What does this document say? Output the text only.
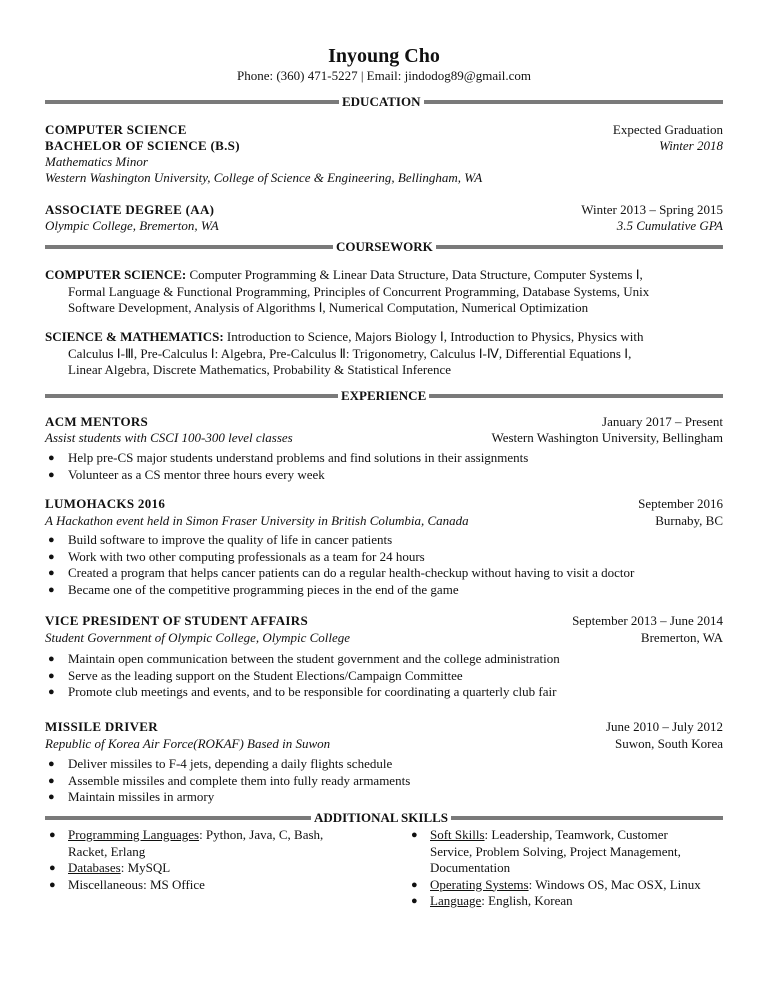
Inyoung Cho
Phone: (360) 471-5227 | Email: jindodog89@gmail.com
EDUCATION
COMPUTER SCIENCE	Expected Graduation
BACHELOR OF SCIENCE (B.S)	Winter 2018
Mathematics Minor
Western Washington University, College of Science & Engineering, Bellingham, WA
ASSOCIATE DEGREE (AA)	Winter 2013 – Spring 2015
Olympic College, Bremerton, WA	3.5 Cumulative GPA
COURSEWORK
COMPUTER SCIENCE: Computer Programming & Linear Data Structure, Data Structure, Computer Systems Ⅰ,
Formal Language & Functional Programming, Principles of Concurrent Programming, Database Systems, Unix
Software Development, Analysis of Algorithms Ⅰ, Numerical Computation, Numerical Optimization
SCIENCE & MATHEMATICS: Introduction to Science, Majors Biology Ⅰ, Introduction to Physics, Physics with
Calculus Ⅰ-Ⅲ, Pre-Calculus Ⅰ: Algebra, Pre-Calculus Ⅱ: Trigonometry, Calculus Ⅰ-Ⅳ, Differential Equations Ⅰ,
Linear Algebra, Discrete Mathematics, Probability & Statistical Inference
EXPERIENCE
ACM MENTORS	January 2017 – Present
Assist students with CSCI 100-300 level classes	Western Washington University, Bellingham
● Help pre-CS major students understand problems and find solutions in their assignments
● Volunteer as a CS mentor three hours every week
LUMOHACKS 2016	September 2016
A Hackathon event held in Simon Fraser University in British Columbia, Canada	Burnaby, BC
● Build software to improve the quality of life in cancer patients
● Work with two other computing professionals as a team for 24 hours
● Created a program that helps cancer patients can do a regular health-checkup without having to visit a doctor
● Became one of the competitive programming pieces in the end of the game
VICE PRESIDENT OF STUDENT AFFAIRS	September 2013 – June 2014
Student Government of Olympic College, Olympic College	Bremerton, WA
● Maintain open communication between the student government and the college administration
● Serve as the leading support on the Student Elections/Campaign Committee
● Promote club meetings and events, and to be responsible for coordinating a quarterly club fair
MISSILE DRIVER	June 2010 – July 2012
Republic of Korea Air Force(ROKAF) Based in Suwon	Suwon, South Korea
● Deliver missiles to F-4 jets, depending a daily flights schedule
● Assemble missiles and complete them into fully ready armaments
● Maintain missiles in armory
ADDITIONAL SKILLS
● Programming Languages: Python, Java, C, Bash, Racket, Erlang
● Databases: MySQL
● Miscellaneous: MS Office
● Soft Skills: Leadership, Teamwork, Customer Service, Problem Solving, Project Management, Documentation
● Operating Systems: Windows OS, Mac OSX, Linux
● Language: English, Korean
